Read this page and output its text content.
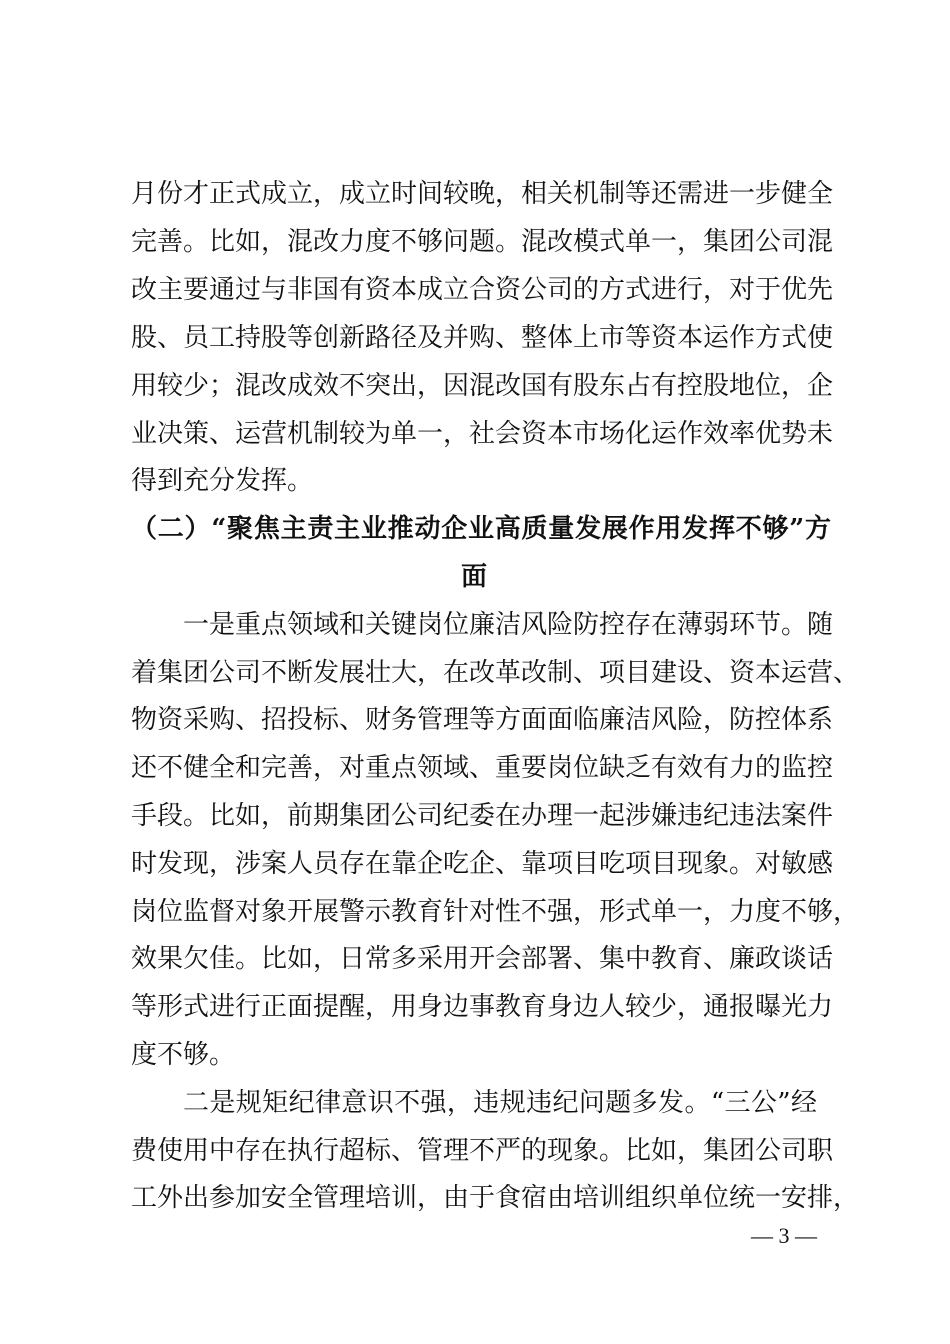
月份才正式成立，成立时间较晚，相关机制等还需进一步健全
完善。比如，混改力度不够问题。混改模式单一，集团公司混
改主要通过与非国有资本成立合资公司的方式进行，对于优先
股、员工持股等创新路径及并购、整体上市等资本运作方式使
用较少；混改成效不突出，因混改国有股东占有控股地位，企
业决策、运营机制较为单一，社会资本市场化运作效率优势未
得到充分发挥。
（二）“聚焦主责主业推动企业高质量发展作用发挥不够”方
面
一是重点领域和关键岗位廉洁风险防控存在薄弱环节。随
着集团公司不断发展壮大，在改革改制、项目建设、资本运营、
物资采购、招投标、财务管理等方面面临廉洁风险，防控体系
还不健全和完善，对重点领域、重要岗位缺乏有效有力的监控
手段。比如，前期集团公司纪委在办理一起涉嫌违纪违法案件
时发现，涉案人员存在靠企吃企、靠项目吃项目现象。对敏感
岗位监督对象开展警示教育针对性不强，形式单一，力度不够，
效果欠佳。比如，日常多采用开会部署、集中教育、廉政谈话
等形式进行正面提醒，用身边事教育身边人较少，通报曝光力
度不够。
二是规矩纪律意识不强，违规违纪问题多发。“三公”经
费使用中存在执行超标、管理不严的现象。比如，集团公司职
工外出参加安全管理培训，由于食宿由培训组织单位统一安排，
— 3 —
